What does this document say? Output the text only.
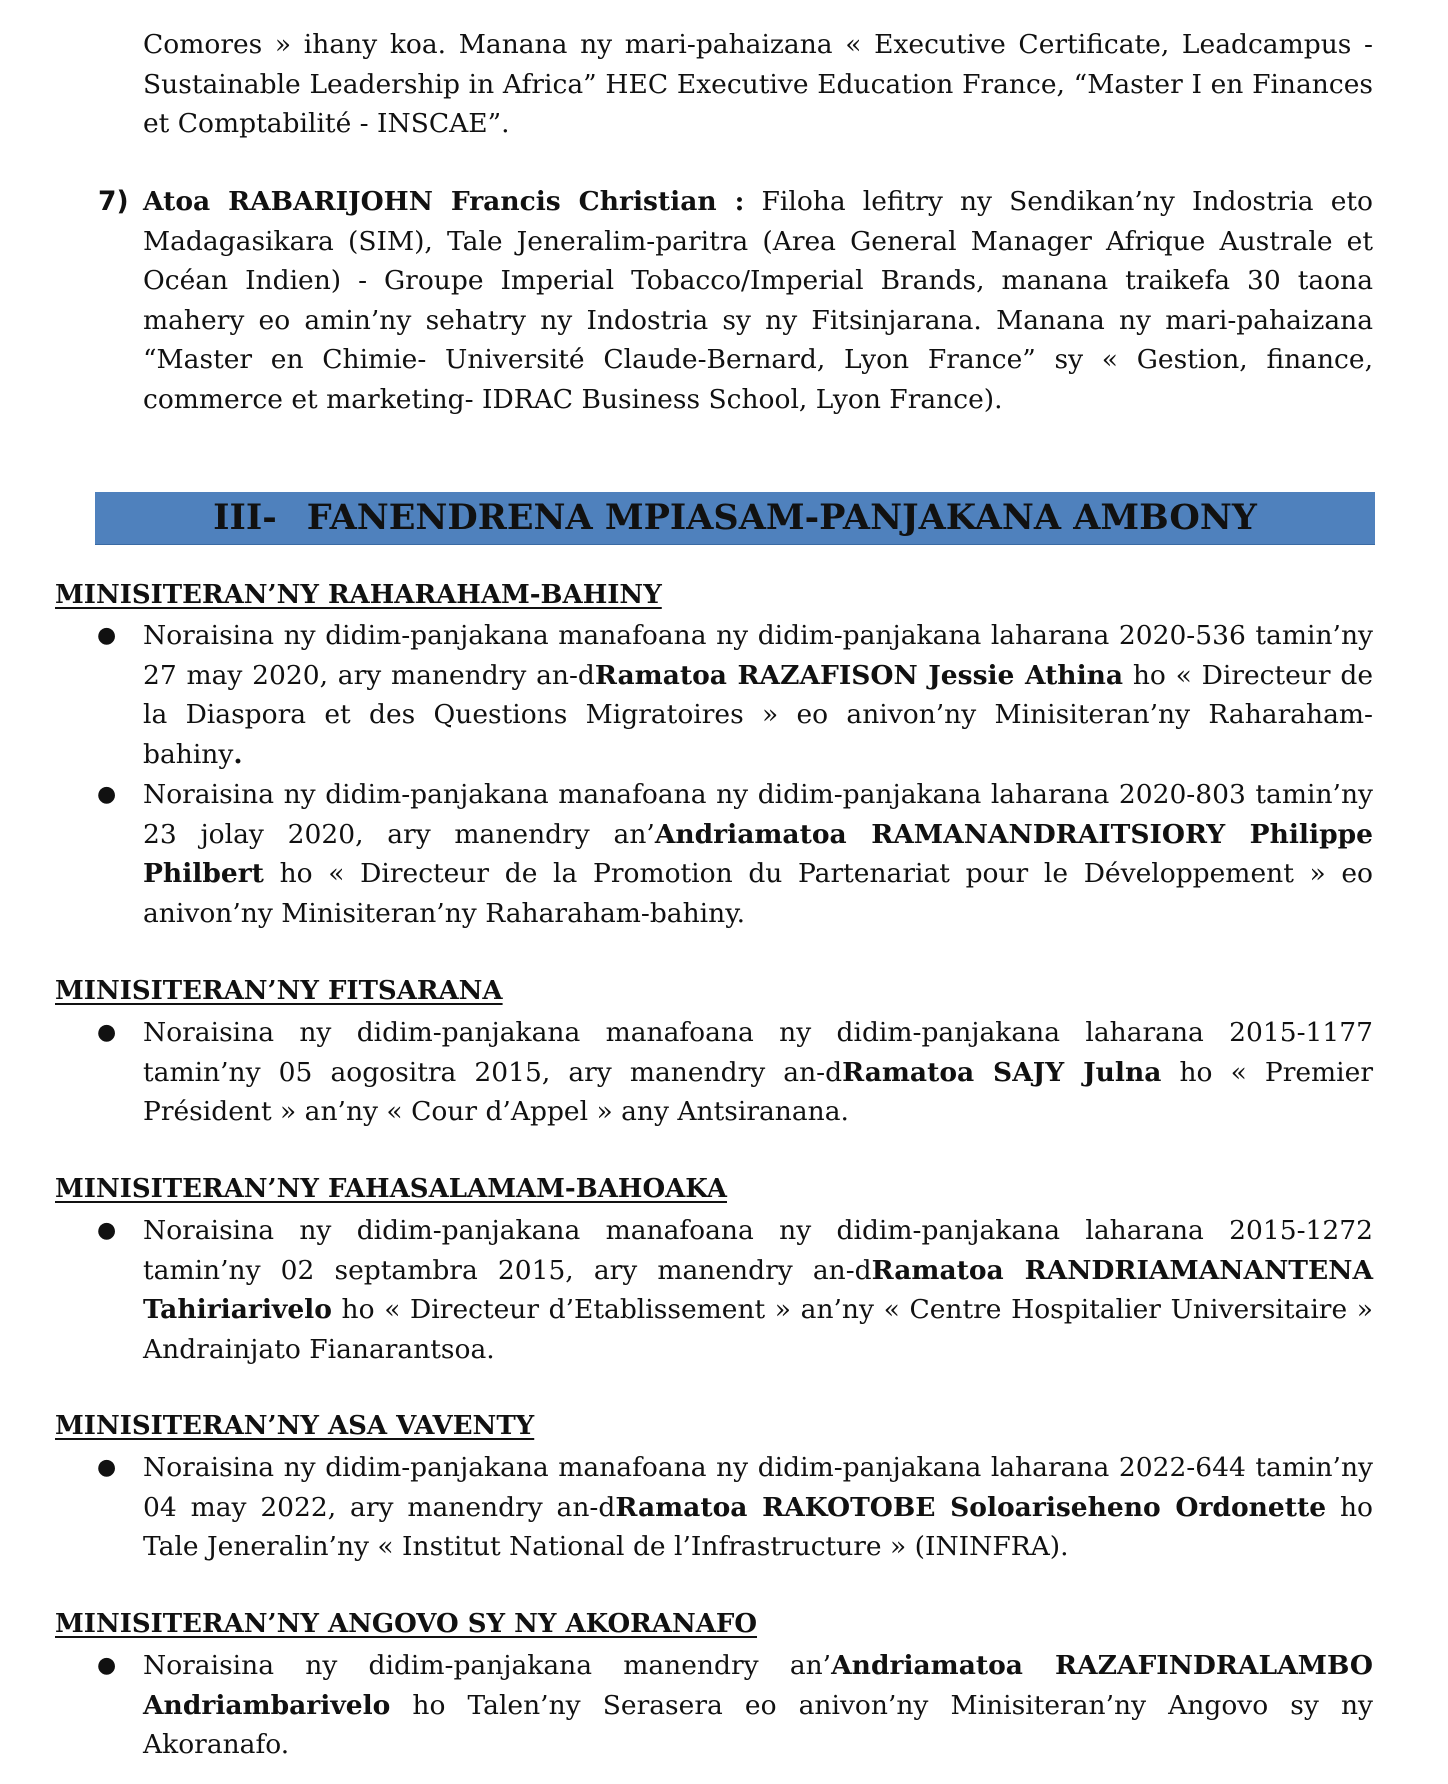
Comores » ihany koa. Manana ny mari-pahaizana « Executive Certificate, Leadcampus - Sustainable Leadership in Africa” HEC Executive Education France, “Master I en Finances et Comptabilité - INSCAE”.

7) Atoa RABARIJOHN Francis Christian : Filoha lefitry ny Sendikan’ny Indostria eto Madagasikara (SIM), Tale Jeneralim-paritra (Area General Manager Afrique Australe et Océan Indien) - Groupe Imperial Tobacco/Imperial Brands, manana traikefa 30 taona mahery eo amin’ny sehatry ny Indostria sy ny Fitsinjarana. Manana ny mari-pahaizana “Master en Chimie- Université Claude-Bernard, Lyon France” sy « Gestion, finance, commerce et marketing- IDRAC Business School, Lyon France).

III- FANENDRENA MPIASAM-PANJAKANA AMBONY
MINISITERAN’NY RAHARAHAM-BAHINY
● Noraisina ny didim-panjakana manafoana ny didim-panjakana laharana 2020-536 tamin’ny 27 may 2020, ary manendry an-dRamatoa RAZAFISON Jessie Athina ho « Directeur de la Diaspora et des Questions Migratoires » eo anivon’ny Minisiteran’ny Raharaham-bahiny.

● Noraisina ny didim-panjakana manafoana ny didim-panjakana laharana 2020-803 tamin’ny 23 jolay 2020, ary manendry an’Andriamatoa RAMANANDRAITSIORY Philippe Philbert ho « Directeur de la Promotion du Partenariat pour le Développement » eo anivon’ny Minisiteran’ny Raharaham-bahiny.

MINISITERAN’NY FITSARANA
● Noraisina ny didim-panjakana manafoana ny didim-panjakana laharana 2015-1177 tamin’ny 05 aogositra 2015, ary manendry an-dRamatoa SAJY Julna ho « Premier Président » an’ny « Cour d’Appel » any Antsiranana.

MINISITERAN’NY FAHASALAMAM-BAHOAKA
● Noraisina ny didim-panjakana manafoana ny didim-panjakana laharana 2015-1272 tamin’ny 02 septambra 2015, ary manendry an-dRamatoa RANDRIAMANANTENA Tahiriarivelo ho « Directeur d’Etablissement » an’ny « Centre Hospitalier Universitaire » Andrainjato Fianarantsoa.

MINISITERAN’NY ASA VAVENTY
● Noraisina ny didim-panjakana manafoana ny didim-panjakana laharana 2022-644 tamin’ny 04 may 2022, ary manendry an-dRamatoa RAKOTOBE Soloariseheno Ordonette ho Tale Jeneralin’ny « Institut National de l’Infrastructure » (ININFRA).

MINISITERAN’NY ANGOVO SY NY AKORANAFO
● Noraisina ny didim-panjakana manendry an’Andriamatoa RAZAFINDRALAMBO Andriambarivelo ho Talen’ny Serasera eo anivon’ny Minisiteran’ny Angovo sy ny Akoranafo.
